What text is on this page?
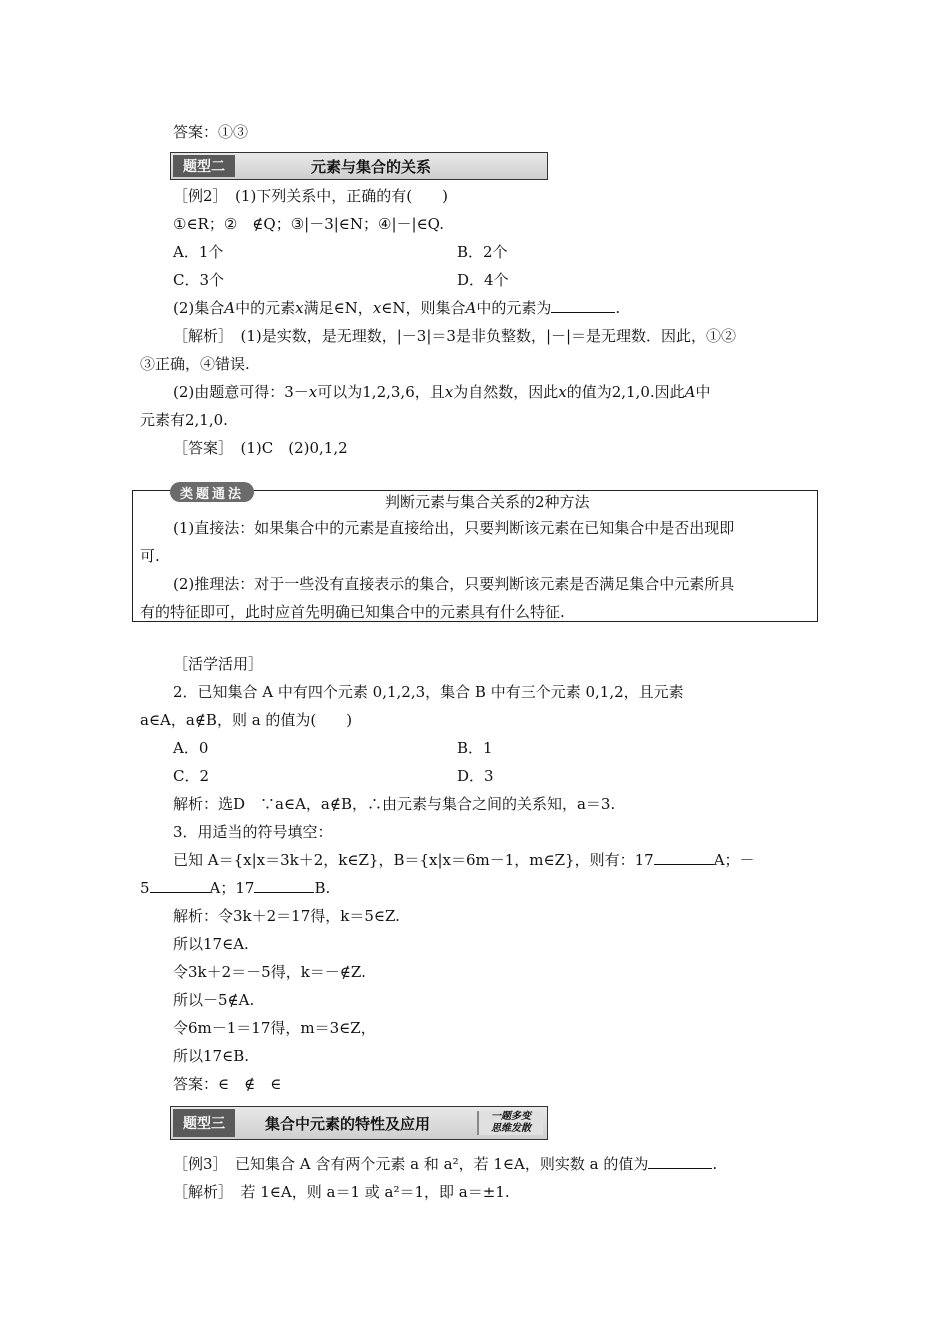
答案：①③
题型二	元素与集合的关系
［例2］　(1)下列关系中，正确的有(　　)
①∈R；②　∉Q；③|－3|∈N；④|－|∈Q.
A．1个	B．2个
C．3个	D．4个
(2)集合A中的元素x满足∈N，x∈N，则集合A中的元素为	.
［解析］　(1)是实数，是无理数，|－3|＝3是非负整数，|－|＝是无理数．因此，①②
③正确，④错误.
(2)由题意可得：3－x可以为1,2,3,6，且x为自然数，因此x的值为2,1,0.因此A中
元素有2,1,0.
［答案］　(1)C　(2)0,1,2
类题通法	判断元素与集合关系的2种方法
(1)直接法：如果集合中的元素是直接给出，只要判断该元素在已知集合中是否出现即
可.
(2)推理法：对于一些没有直接表示的集合，只要判断该元素是否满足集合中元素所具
有的特征即可，此时应首先明确已知集合中的元素具有什么特征.
［活学活用］
2．已知集合 A 中有四个元素 0,1,2,3，集合 B 中有三个元素 0,1,2，且元素
a∈A，a∉B，则 a 的值为(　　)
A．0	B．1
C．2	D．3
解析：选D　∵a∈A，a∉B，∴由元素与集合之间的关系知，a＝3.
3．用适当的符号填空：
已知 A＝{x|x＝3k＋2，k∈Z}，B＝{x|x＝6m－1，m∈Z}，则有：17	A；－
5	A；17	B.
解析：令3k＋2＝17得，k＝5∈Z.
所以17∈A.
令3k＋2＝－5得，k＝－∉Z.
所以－5∉A.
令6m－1＝17得，m＝3∈Z，
所以17∈B.
答案：∈　∉　∈
题型三	集合中元素的特性及应用	一题多变
思维发散
［例3］　已知集合 A 含有两个元素 a 和 a²，若 1∈A，则实数 a 的值为	.
［解析］　若 1∈A，则 a＝1 或 a²＝1，即 a＝±1.
